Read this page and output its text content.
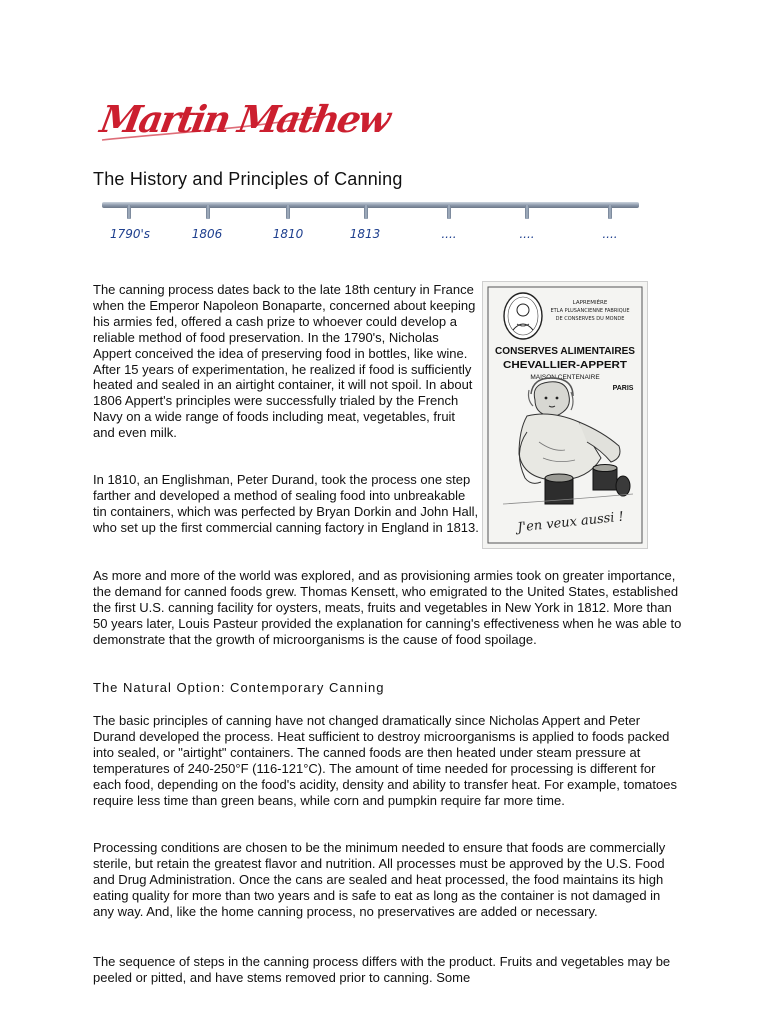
Martin Mathew
The History and Principles of Canning
1790's	1806	1810	1813	....	....	....
LAPREMIÈRE
ETLA PLUSANCIENNE FABRIQUE
DE CONSERVES DU MONDE
CONSERVES ALIMENTAIRES
CHEVALLIER-APPERT
MAISON CENTENAIRE
PARIS
J'en veux aussi !

The canning process dates back to the late 18th century in France when the Emperor Napoleon Bonaparte, concerned about keeping his armies fed, offered a cash prize to whoever could develop a reliable method of food preservation. In the 1790's, Nicholas Appert conceived the idea of preserving food in bottles, like wine. After 15 years of experimentation, he realized if food is sufficiently heated and sealed in an airtight container, it will not spoil. In about 1806 Appert's principles were successfully trialed by the French Navy on a wide range of foods including meat, vegetables, fruit and even milk.

In 1810, an Englishman, Peter Durand, took the process one step farther and developed a method of sealing food into unbreakable tin containers, which was perfected by Bryan Dorkin and John Hall, who set up the first commercial canning factory in England in 1813.

As more and more of the world was explored, and as provisioning armies took on greater importance, the demand for canned foods grew. Thomas Kensett, who emigrated to the United States, established the first U.S. canning facility for oysters, meats, fruits and vegetables in New York in 1812. More than 50 years later, Louis Pasteur provided the explanation for canning's effectiveness when he was able to demonstrate that the growth of microorganisms is the cause of food spoilage.

The Natural Option: Contemporary Canning

The basic principles of canning have not changed dramatically since Nicholas Appert and Peter Durand developed the process. Heat sufficient to destroy microorganisms is applied to foods packed into sealed, or "airtight" containers. The canned foods are then heated under steam pressure at temperatures of 240-250°F (116-121°C). The amount of time needed for processing is different for each food, depending on the food's acidity, density and ability to transfer heat. For example, tomatoes require less time than green beans, while corn and pumpkin require far more time.

Processing conditions are chosen to be the minimum needed to ensure that foods are commercially sterile, but retain the greatest flavor and nutrition. All processes must be approved by the U.S. Food and Drug Administration. Once the cans are sealed and heat processed, the food maintains its high eating quality for more than two years and is safe to eat as long as the container is not damaged in any way. And, like the home canning process, no preservatives are added or necessary.

The sequence of steps in the canning process differs with the product. Fruits and vegetables may be peeled or pitted, and have stems removed prior to canning. Some
